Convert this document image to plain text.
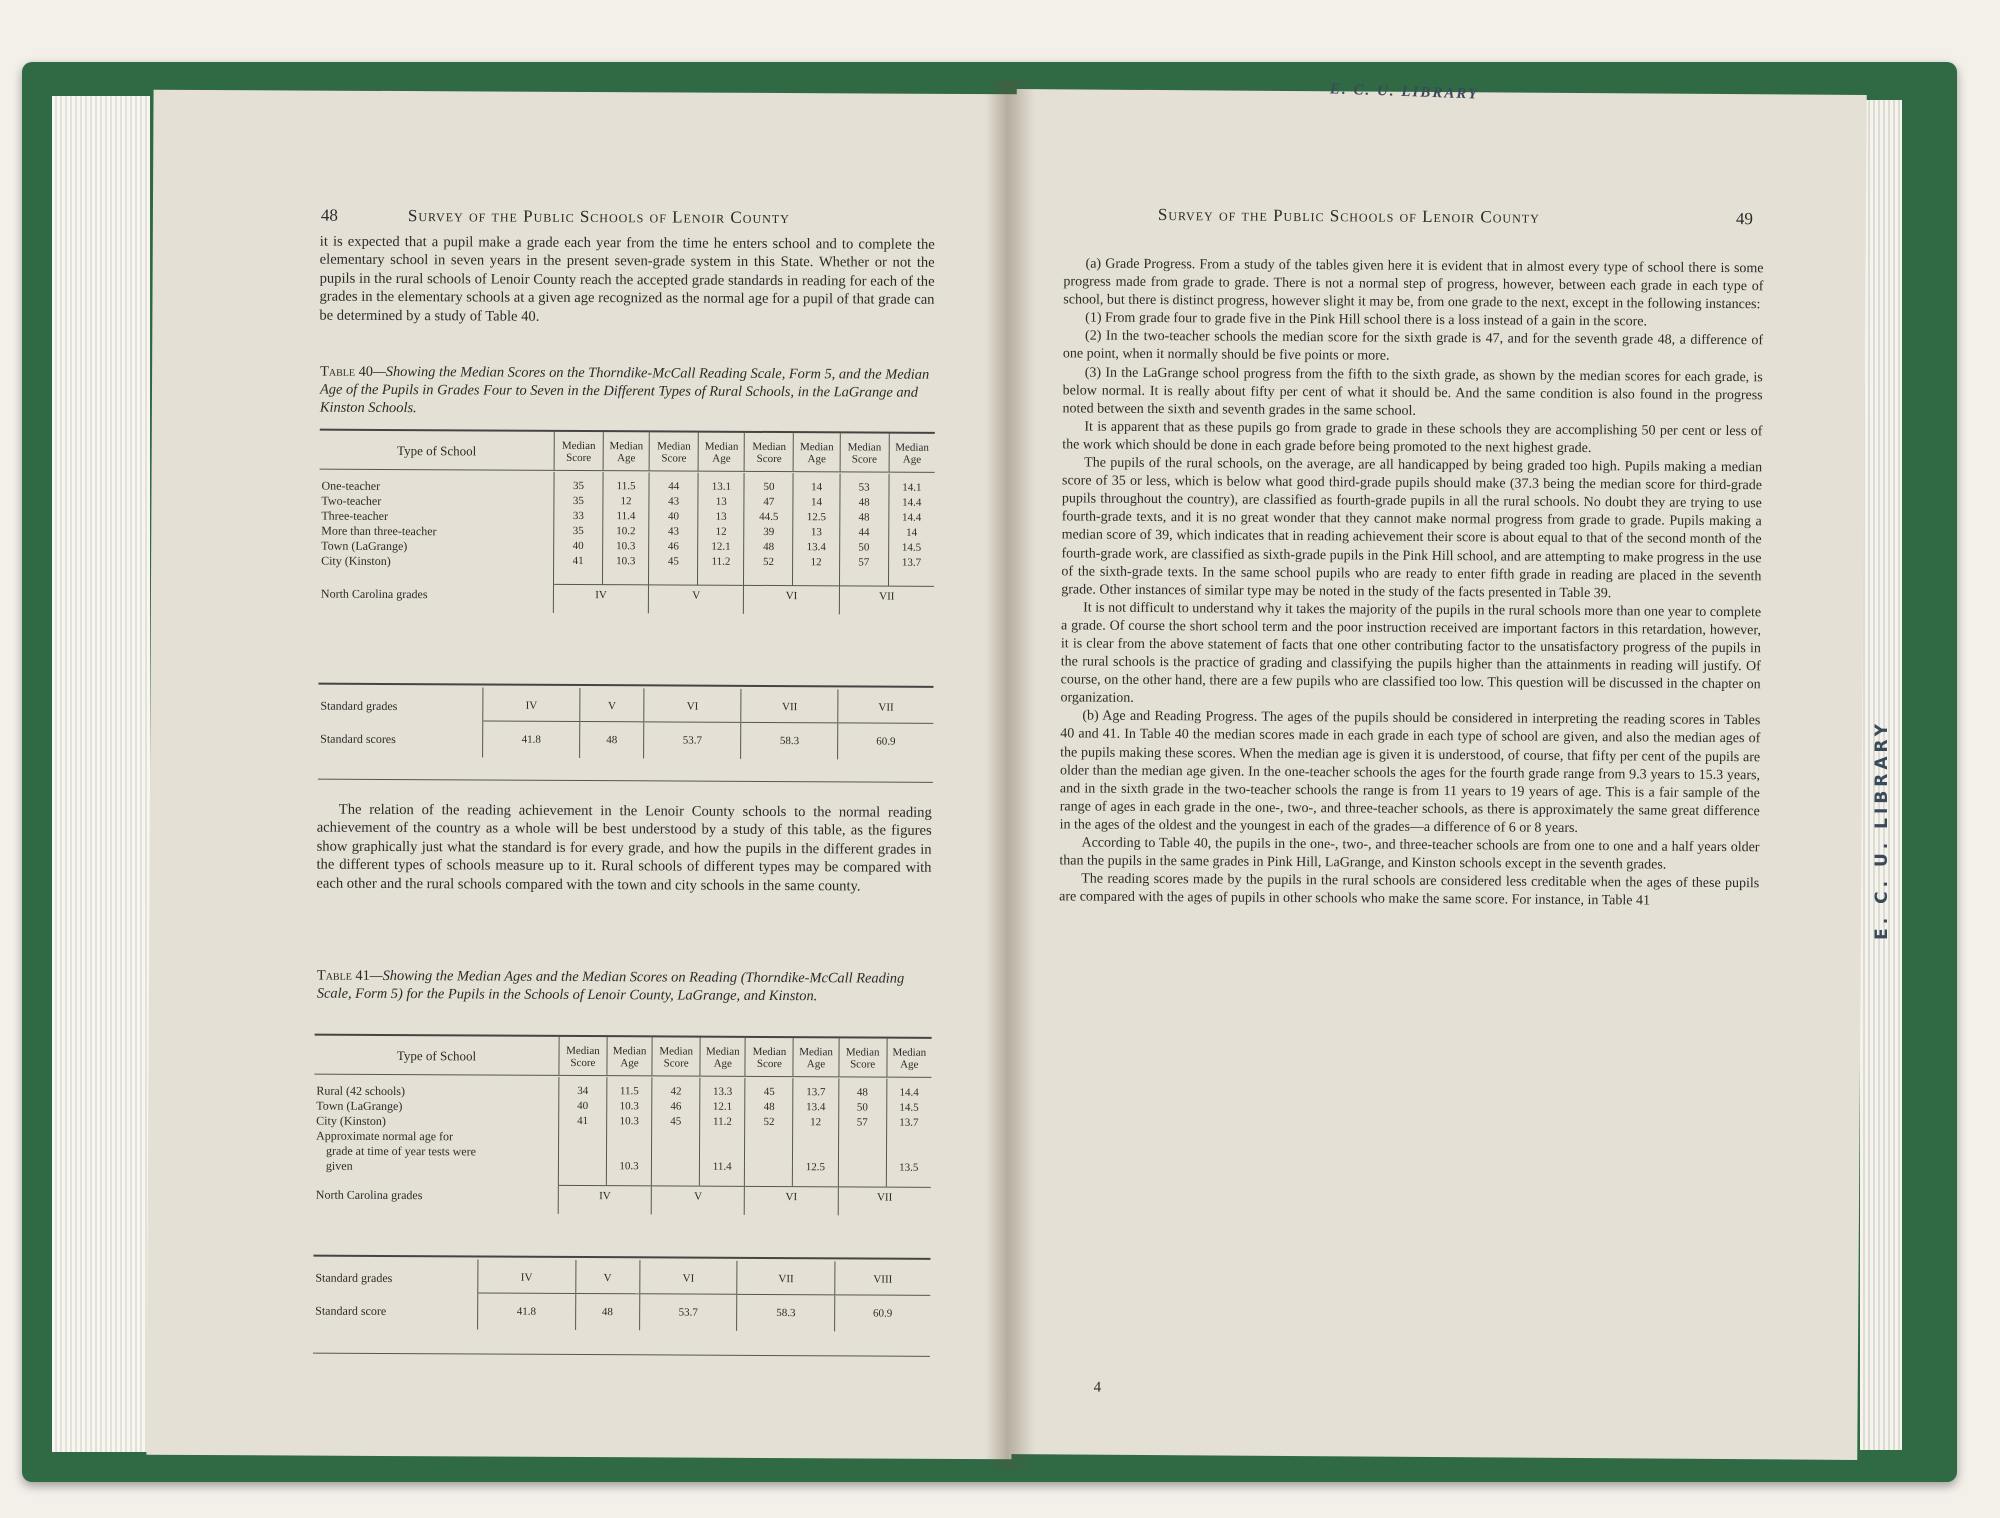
48	Survey of the Public Schools of Lenoir County
it is expected that a pupil make a grade each year from the time he enters school and to complete the elementary school in seven years in the present seven-grade system in this State. Whether or not the pupils in the rural schools of Lenoir County reach the accepted grade standards in reading for each of the grades in the elementary schools at a given age recognized as the normal age for a pupil of that grade can be determined by a study of Table 40.
Table 40—Showing the Median Scores on the Thorndike-McCall Reading Scale, Form 5, and the Median Age of the Pupils in Grades Four to Seven in the Different Types of Rural Schools, in the LaGrange and Kinston Schools.
Type of School	Median Score	Median Age	Median Score	Median Age	Median Score	Median Age	Median Score	Median Age

One-teacher	35	11.5	44	13.1	50	14	53	14.1
Two-teacher	35	12	43	13	47	14	48	14.4
Three-teacher	33	11.4	40	13	44.5	12.5	48	14.4
More than three-teacher	35	10.2	43	12	39	13	44	14
Town (LaGrange)	40	10.3	46	12.1	48	13.4	50	14.5
City (Kinston)	41	10.3	45	11.2	52	12	57	13.7
North Carolina grades	IV		V		VI		VII	
Standard grades	IV	V	VI	VII	VII
Standard scores	41.8	48	53.7	58.3	60.9

The relation of the reading achievement in the Lenoir County schools to the normal reading achievement of the country as a whole will be best understood by a study of this table, as the figures show graphically just what the standard is for every grade, and how the pupils in the different grades in the different types of schools measure up to it. Rural schools of different types may be compared with each other and the rural schools compared with the town and city schools in the same county.

Table 41—Showing the Median Ages and the Median Scores on Reading (Thorndike-McCall Reading Scale, Form 5) for the Pupils in the Schools of Lenoir County, LaGrange, and Kinston.
Type of School	Median Score	Median Age	Median Score	Median Age	Median Score	Median Age	Median Score	Median Age

Rural (42 schools)	34	11.5	42	13.3	45	13.7	48	14.4
Town (LaGrange)	40	10.3	46	12.1	48	13.4	50	14.5
City (Kinston)	41	10.3	45	11.2	52	12	57	13.7
Approximate normal age for								
grade at time of year tests were								
given		10.3		11.4		12.5		13.5
North Carolina grades	IV		V		VI		VII	
Standard grades	IV	V	VI	VII	VIII
Standard score	41.8	48	53.7	58.3	60.9
Survey of the Public Schools of Lenoir County	49

(a) Grade Progress. From a study of the tables given here it is evident that in almost every type of school there is some progress made from grade to grade. There is not a normal step of progress, however, between each grade in each type of school, but there is distinct progress, however slight it may be, from one grade to the next, except in the following instances:

(1) From grade four to grade five in the Pink Hill school there is a loss instead of a gain in the score.

(2) In the two-teacher schools the median score for the sixth grade is 47, and for the seventh grade 48, a difference of one point, when it normally should be five points or more.

(3) In the LaGrange school progress from the fifth to the sixth grade, as shown by the median scores for each grade, is below normal. It is really about fifty per cent of what it should be. And the same condition is also found in the progress noted between the sixth and seventh grades in the same school.

It is apparent that as these pupils go from grade to grade in these schools they are accomplishing 50 per cent or less of the work which should be done in each grade before being promoted to the next highest grade.

The pupils of the rural schools, on the average, are all handicapped by being graded too high. Pupils making a median score of 35 or less, which is below what good third-grade pupils should make (37.3 being the median score for third-grade pupils throughout the country), are classified as fourth-grade pupils in all the rural schools. No doubt they are trying to use fourth-grade texts, and it is no great wonder that they cannot make normal progress from grade to grade. Pupils making a median score of 39, which indicates that in reading achievement their score is about equal to that of the second month of the fourth-grade work, are classified as sixth-grade pupils in the Pink Hill school, and are attempting to make progress in the use of the sixth-grade texts. In the same school pupils who are ready to enter fifth grade in reading are placed in the seventh grade. Other instances of similar type may be noted in the study of the facts presented in Table 39.

It is not difficult to understand why it takes the majority of the pupils in the rural schools more than one year to complete a grade. Of course the short school term and the poor instruction received are important factors in this retardation, however, it is clear from the above statement of facts that one other contributing factor to the unsatisfactory progress of the pupils in the rural schools is the practice of grading and classifying the pupils higher than the attainments in reading will justify. Of course, on the other hand, there are a few pupils who are classified too low. This question will be discussed in the chapter on organization.

(b) Age and Reading Progress. The ages of the pupils should be considered in interpreting the reading scores in Tables 40 and 41. In Table 40 the median scores made in each grade in each type of school are given, and also the median ages of the pupils making these scores. When the median age is given it is understood, of course, that fifty per cent of the pupils are older than the median age given. In the one-teacher schools the ages for the fourth grade range from 9.3 years to 15.3 years, and in the sixth grade in the two-teacher schools the range is from 11 years to 19 years of age. This is a fair sample of the range of ages in each grade in the one-, two-, and three-teacher schools, as there is approximately the same great difference in the ages of the oldest and the youngest in each of the grades—a difference of 6 or 8 years.

According to Table 40, the pupils in the one-, two-, and three-teacher schools are from one to one and a half years older than the pupils in the same grades in Pink Hill, LaGrange, and Kinston schools except in the seventh grades.

The reading scores made by the pupils in the rural schools are considered less creditable when the ages of these pupils are compared with the ages of pupils in other schools who make the same score. For instance, in Table 41

4
E. C. U. LIBRARY
E. C. U. LIBRARY
